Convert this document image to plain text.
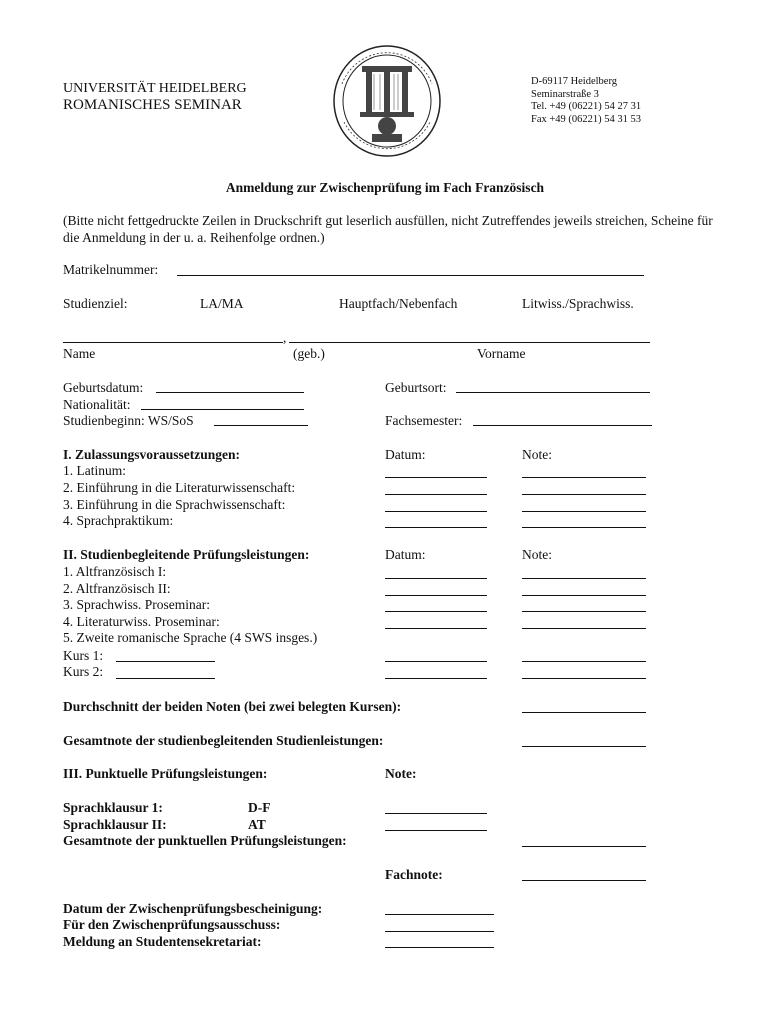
UNIVERSITÄT HEIDELBERG
ROMANISCHES SEMINAR
D-69117 Heidelberg
Seminarstraße 3
Tel. +49 (06221) 54 27 31
Fax +49 (06221) 54 31 53
Anmeldung zur Zwischenprüfung im Fach Französisch
(Bitte nicht fettgedruckte Zeilen in Druckschrift gut leserlich ausfüllen, nicht Zutreffendes jeweils streichen, Scheine für die Anmeldung in der u. a. Reihenfolge ordnen.)
Matrikelnummer:
Studienziel:	LA/MA	Hauptfach/Nebenfach	Litwiss./Sprachwiss.
,
Name	(geb.)	Vorname
Geburtsdatum:
Nationalität:
Studienbeginn: WS/SoS
Geburtsort:
Fachsemester:
I. Zulassungsvoraussetzungen:	Datum:	Note:
1. Latinum:
2. Einführung in die Literaturwissenschaft:
3. Einführung in die Sprachwissenschaft:
4. Sprachpraktikum:
II. Studienbegleitende Prüfungsleistungen:	Datum:	Note:
1. Altfranzösisch I:
2. Altfranzösisch II:
3. Sprachwiss. Proseminar:
4. Literaturwiss. Proseminar:
5. Zweite romanische Sprache (4 SWS insges.)
Kurs 1:
Kurs 2:
Durchschnitt der beiden Noten (bei zwei belegten Kursen):
Gesamtnote der studienbegleitenden Studienleistungen:
III. Punktuelle Prüfungsleistungen:	Note:
Sprachklausur 1:	D-F
Sprachklausur II:	AT
Gesamtnote der punktuellen Prüfungsleistungen:
Fachnote:
Datum der Zwischenprüfungsbescheinigung:
Für den Zwischenprüfungsausschuss:
Meldung an Studentensekretariat:
